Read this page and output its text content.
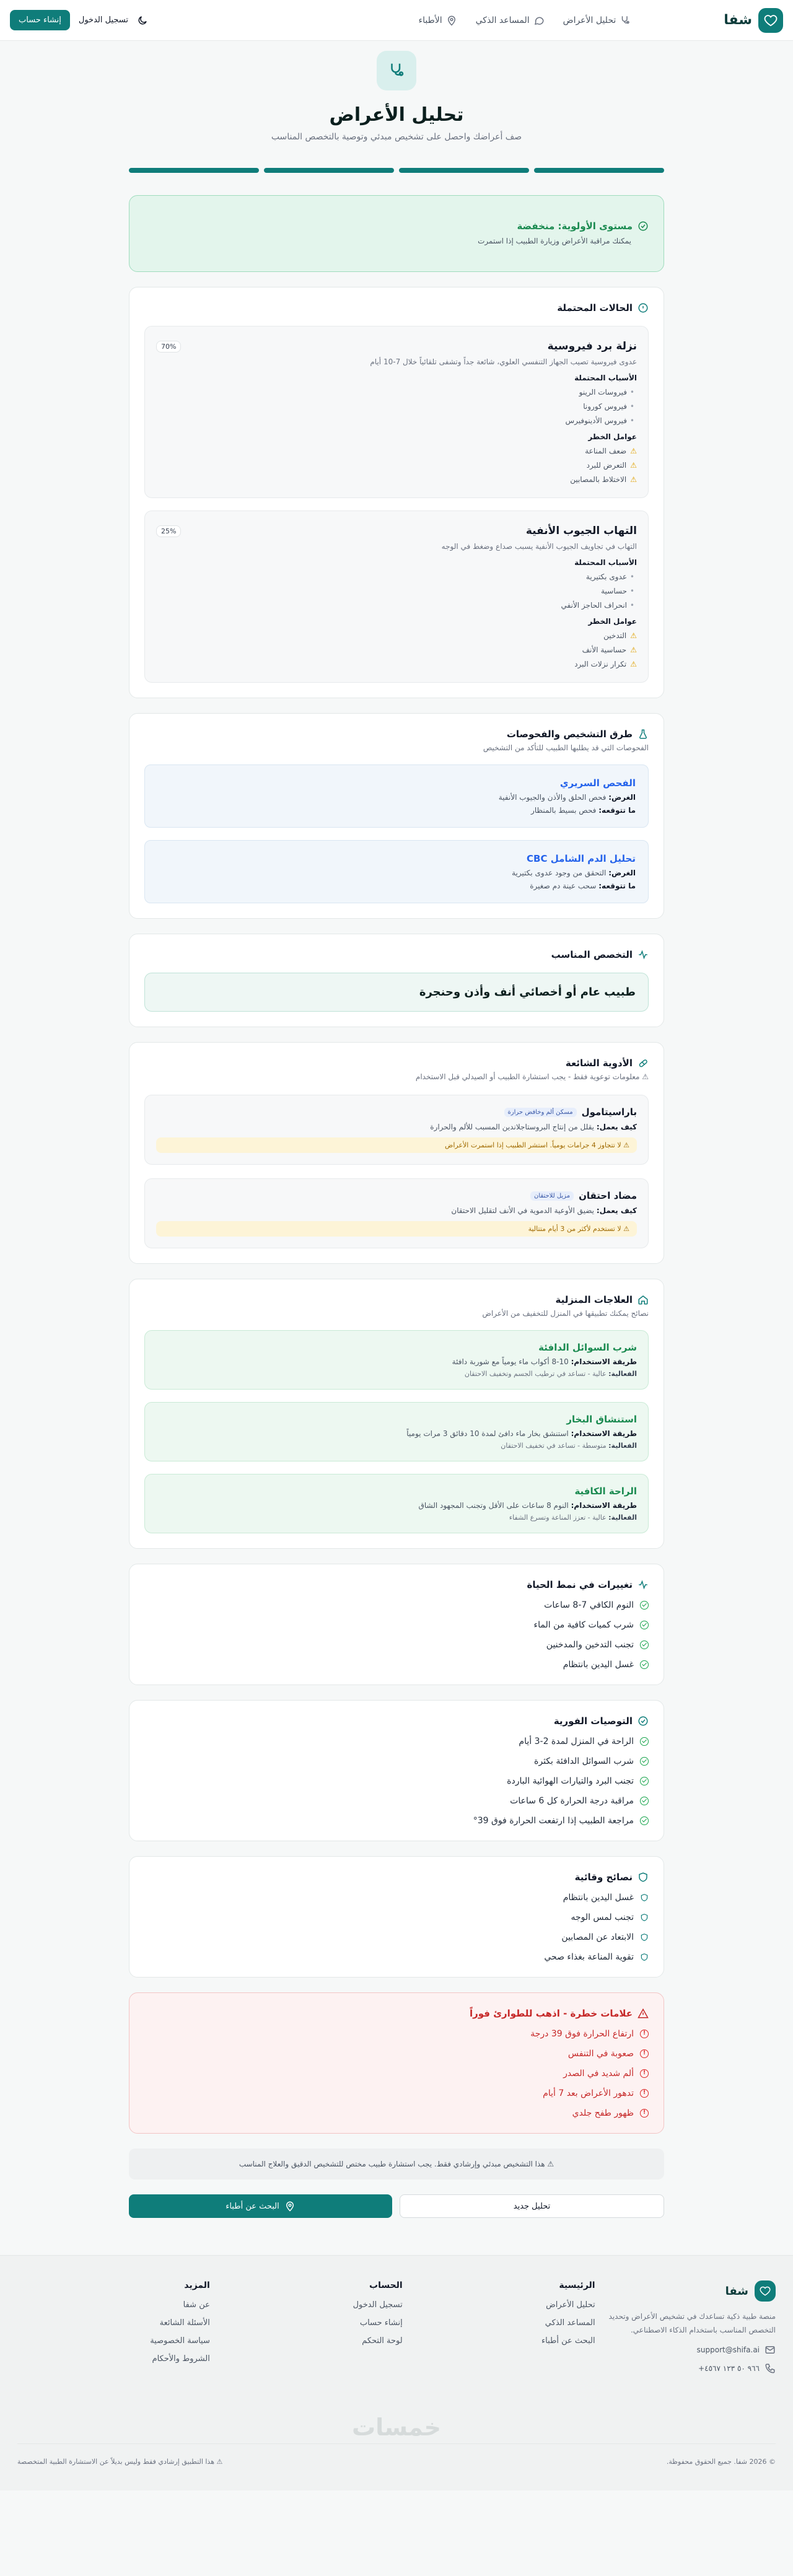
شفا
تحليل الأعراض
المساعد الذكي
الأطباء
تسجيل الدخول
إنشاء حساب
تحليل الأعراض

صف أعراضك واحصل على تشخيص مبدئي وتوصية بالتخصص المناسب

مستوى الأولوية: منخفضة
يمكنك مراقبة الأعراض وزيارة الطبيب إذا استمرت
الحالات المحتملة
نزلة برد فيروسية
70%
عدوى فيروسية تصيب الجهاز التنفسي العلوي، شائعة جداً وتشفى تلقائياً خلال 7-10 أيام
الأسباب المحتملة
• فيروسات الرينو
• فيروس كورونا
• فيروس الأدينوفيرس
عوامل الخطر
⚠
ضعف المناعة
⚠
التعرض للبرد
⚠
الاختلاط بالمصابين
التهاب الجيوب الأنفية
25%
التهاب في تجاويف الجيوب الأنفية يسبب صداع وضغط في الوجه
الأسباب المحتملة
• عدوى بكتيرية
• حساسية
• انحراف الحاجز الأنفي
عوامل الخطر
⚠
التدخين
⚠
حساسية الأنف
⚠
تكرار نزلات البرد
طرق التشخيص والفحوصات
الفحوصات التي قد يطلبها الطبيب للتأكد من التشخيص
الفحص السريري
الغرض: فحص الحلق والأذن والجيوب الأنفية
ما تتوقعه: فحص بسيط بالمنظار
تحليل الدم الشامل CBC
الغرض: التحقق من وجود عدوى بكتيرية
ما تتوقعه: سحب عينة دم صغيرة
التخصص المناسب
طبيب عام أو أخصائي أنف وأذن وحنجرة
الأدوية الشائعة
⚠ معلومات توعوية فقط - يجب استشارة الطبيب أو الصيدلي قبل الاستخدام
باراسيتامول
مسكن ألم وخافض حرارة
كيف يعمل: يقلل من إنتاج البروستاجلاندين المسبب للألم والحرارة
⚠ لا تتجاوز 4 جرامات يومياً. استشر الطبيب إذا استمرت الأعراض
مضاد احتقان
مزيل للاحتقان
كيف يعمل: يضيق الأوعية الدموية في الأنف لتقليل الاحتقان
⚠ لا تستخدم لأكثر من 3 أيام متتالية
العلاجات المنزلية
نصائح يمكنك تطبيقها في المنزل للتخفيف من الأعراض
شرب السوائل الدافئة
طريقة الاستخدام: 10-8 أكواب ماء يومياً مع شوربة دافئة
الفعالية: عالية - تساعد في ترطيب الجسم وتخفيف الاحتقان
استنشاق البخار
طريقة الاستخدام: استنشق بخار ماء دافئ لمدة 10 دقائق 3 مرات يومياً
الفعالية: متوسطة - تساعد في تخفيف الاحتقان
الراحة الكافية
طريقة الاستخدام: النوم 8 ساعات على الأقل وتجنب المجهود الشاق
الفعالية: عالية - تعزز المناعة وتسرع الشفاء
تغييرات في نمط الحياة
النوم الكافي 7-8 ساعات
شرب كميات كافية من الماء
تجنب التدخين والمدخنين
غسل اليدين بانتظام
التوصيات الفورية
الراحة في المنزل لمدة 2-3 أيام
شرب السوائل الدافئة بكثرة
تجنب البرد والتيارات الهوائية الباردة
مراقبة درجة الحرارة كل 6 ساعات
مراجعة الطبيب إذا ارتفعت الحرارة فوق 39°
نصائح وقائية
غسل اليدين بانتظام
تجنب لمس الوجه
الابتعاد عن المصابين
تقوية المناعة بغذاء صحي
علامات خطرة - اذهب للطوارئ فوراً
!
ارتفاع الحرارة فوق 39 درجة
!
صعوبة في التنفس
!
ألم شديد في الصدر
!
تدهور الأعراض بعد 7 أيام
!
ظهور طفح جلدي
⚠ هذا التشخيص مبدئي وإرشادي فقط. يجب استشارة طبيب مختص للتشخيص الدقيق والعلاج المناسب
تحليل جديد
البحث عن أطباء
شفا

منصة طبية ذكية تساعدك في تشخيص الأعراض وتحديد التخصص المناسب باستخدام الذكاء الاصطناعي.

support@shifa.ai
+٩٦٦ ٥٠ ١٢٣ ٤٥٦٧
الرئيسية
تحليل الأعراض
المساعد الذكي
البحث عن أطباء
الحساب
تسجيل الدخول
إنشاء حساب
لوحة التحكم
المزيد
عن شفا
الأسئلة الشائعة
سياسة الخصوصية
الشروط والأحكام
خمسات
© 2026 شفا. جميع الحقوق محفوظة.
⚠ هذا التطبيق إرشادي فقط وليس بديلاً عن الاستشارة الطبية المتخصصة
